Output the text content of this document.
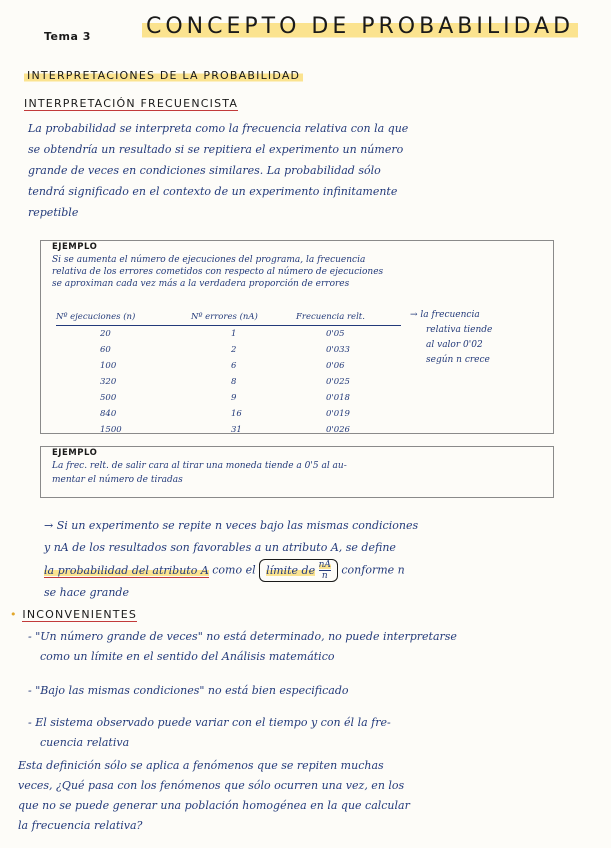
Tema 3	CONCEPTO DE PROBABILIDAD
INTERPRETACIONES DE LA PROBABILIDAD
INTERPRETACIÓN FRECUENCISTA
La probabilidad se interpreta como la frecuencia relativa con la que
se obtendría un resultado si se repitiera el experimento un número
grande de veces en condiciones similares. La probabilidad sólo
tendrá significado en el contexto de un experimento infinitamente
repetible
EJEMPLO
Si se aumenta el número de ejecuciones del programa, la frecuencia
relativa de los errores cometidos con respecto al número de ejecuciones
se aproximan cada vez más a la verdadera proporción de errores
Nº ejecuciones (n)	Nº errores (nA)	Frecuencia relt.
20	1	0'05
60	2	0'033
100	6	0'06
320	8	0'025
500	9	0'018
840	16	0'019
1500	31	0'026
→ la frecuencia
relativa tiende
al valor 0'02
según n crece
EJEMPLO
La frec. relt. de salir cara al tirar una moneda tiende a 0'5 al au-
mentar el número de tiradas
→ Si un experimento se repite n veces bajo las mismas condiciones
y nA de los resultados son favorables a un atributo A, se define
la probabilidad del atributo A como el límite de $\frac{nA}{n}$ conforme n
se hace grande
• INCONVENIENTES
- "Un número grande de veces" no está determinado, no puede interpretarse
como un límite en el sentido del Análisis matemático
- "Bajo las mismas condiciones" no está bien especificado
- El sistema observado puede variar con el tiempo y con él la fre-
cuencia relativa
Esta definición sólo se aplica a fenómenos que se repiten muchas
veces, ¿Qué pasa con los fenómenos que sólo ocurren una vez, en los
que no se puede generar una población homogénea en la que calcular
la frecuencia relativa?
